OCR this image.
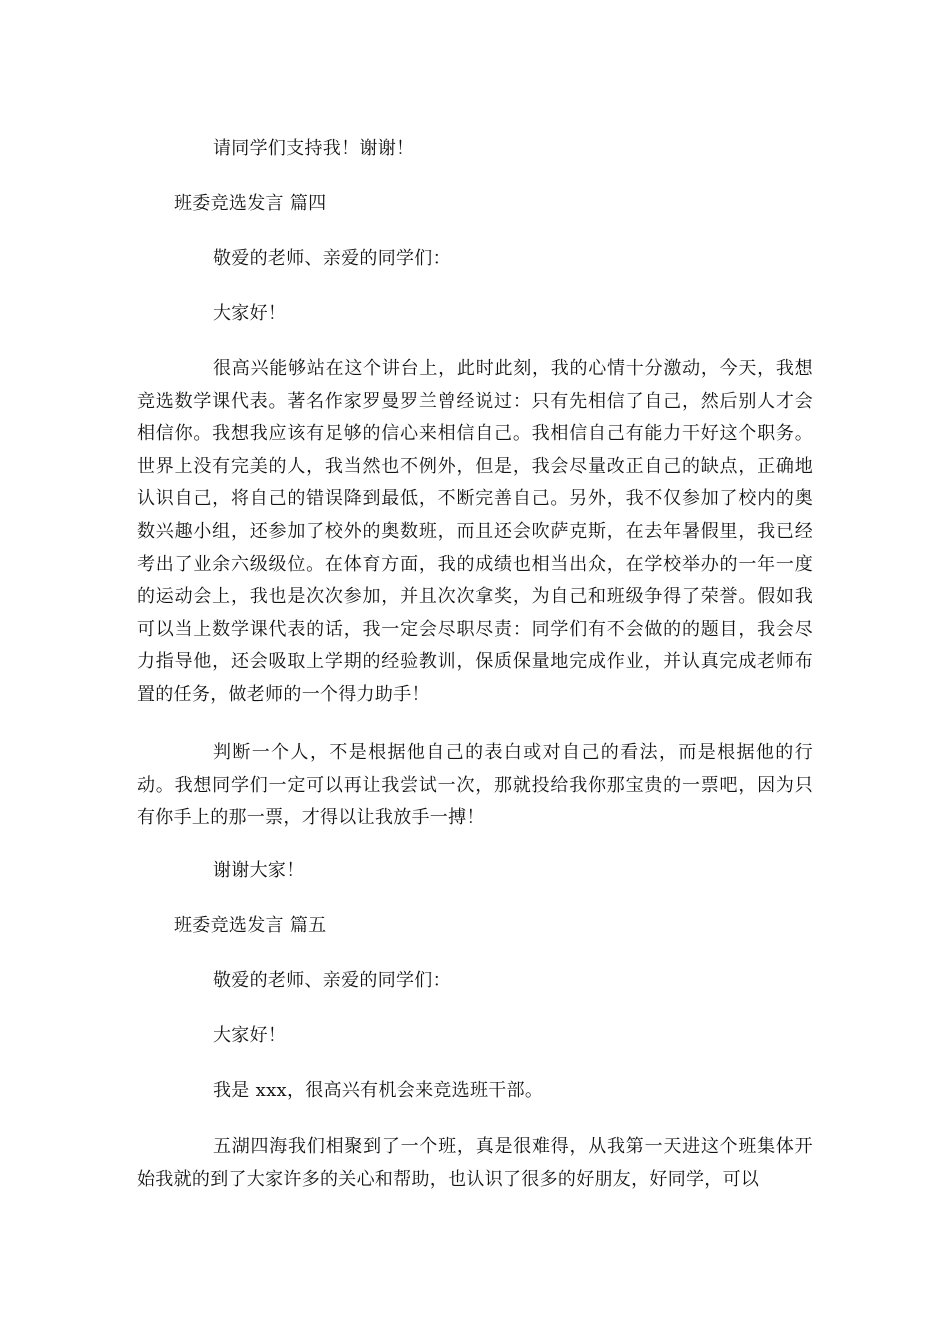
请同学们支持我！谢谢！

班委竞选发言 篇四

敬爱的老师、亲爱的同学们：

大家好！

很高兴能够站在这个讲台上，此时此刻，我的心情十分激动，今天，我想竞选数学课代表。著名作家罗曼罗兰曾经说过：只有先相信了自己，然后别人才会相信你。我想我应该有足够的信心来相信自己。我相信自己有能力干好这个职务。世界上没有完美的人，我当然也不例外，但是，我会尽量改正自己的缺点，正确地认识自己，将自己的错误降到最低，不断完善自己。另外，我不仅参加了校内的奥数兴趣小组，还参加了校外的奥数班，而且还会吹萨克斯，在去年暑假里，我已经考出了业余六级级位。在体育方面，我的成绩也相当出众，在学校举办的一年一度的运动会上，我也是次次参加，并且次次拿奖，为自己和班级争得了荣誉。假如我可以当上数学课代表的话，我一定会尽职尽责：同学们有不会做的的题目，我会尽力指导他，还会吸取上学期的经验教训，保质保量地完成作业，并认真完成老师布置的任务，做老师的一个得力助手！

判断一个人，不是根据他自己的表白或对自己的看法，而是根据他的行动。我想同学们一定可以再让我尝试一次，那就投给我你那宝贵的一票吧，因为只有你手上的那一票，才得以让我放手一搏！

谢谢大家！

班委竞选发言 篇五

敬爱的老师、亲爱的同学们：

大家好！

我是 xxx，很高兴有机会来竞选班干部。

五湖四海我们相聚到了一个班，真是很难得，从我第一天进这个班集体开始我就的到了大家许多的关心和帮助，也认识了很多的好朋友，好同学，可以
